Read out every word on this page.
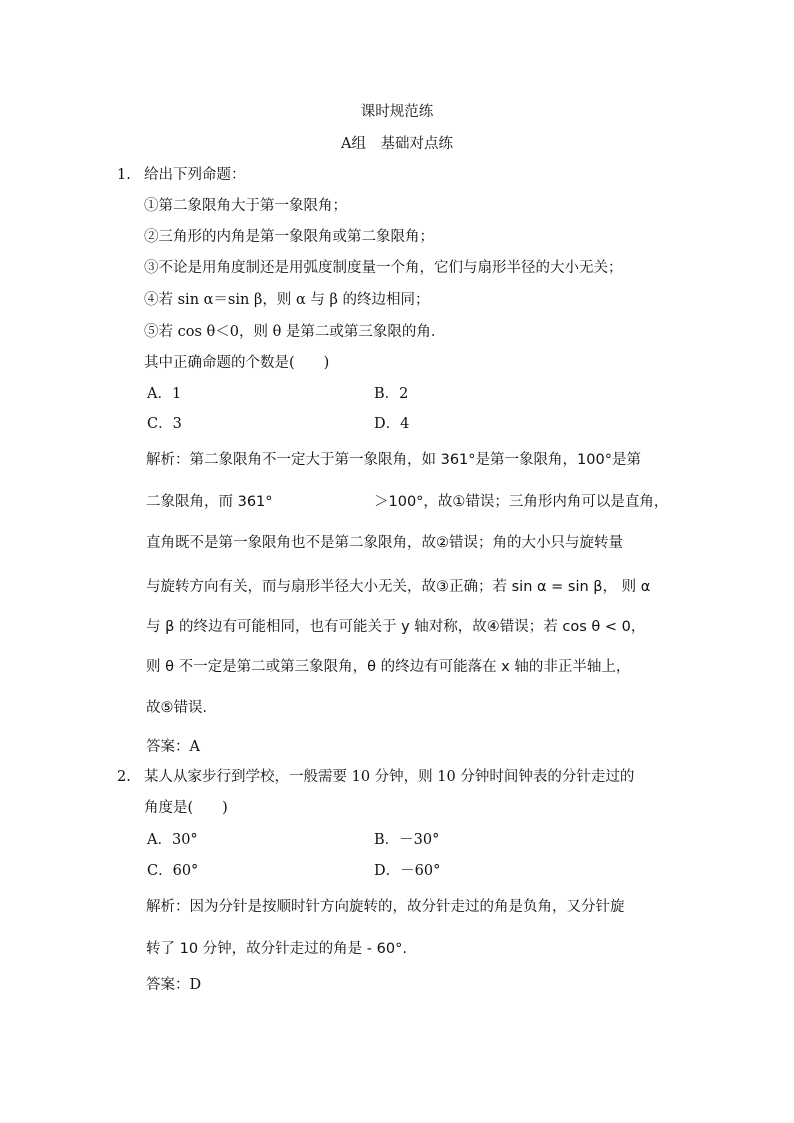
课时规范练
A组　基础对点练
1. 给出下列命题：
①第二象限角大于第一象限角；
②三角形的内角是第一象限角或第二象限角；
③不论是用角度制还是用弧度制度量一个角，它们与扇形半径的大小无关；
④若 sin α＝sin β，则 α 与 β 的终边相同；
⑤若 cos θ＜0，则 θ 是第二或第三象限的角．
其中正确命题的个数是(　　)
A．1	B．2
C．3	D．4
解析：第二象限角不一定大于第一象限角，如 361°是第一象限角，100°是第
二象限角，而 361°	＞100°，故①错误；三角形内角可以是直角，
直角既不是第一象限角也不是第二象限角，故②错误；角的大小只与旋转量
与旋转方向有关，而与扇形半径大小无关，故③正确；若 sin α = sin β， 则 α
与 β 的终边有可能相同，也有可能关于 y 轴对称，故④错误；若 cos θ < 0，
则 θ 不一定是第二或第三象限角，θ 的终边有可能落在 x 轴的非正半轴上，
故⑤错误．
答案：A
2. 某人从家步行到学校，一般需要 10 分钟，则 10 分钟时间钟表的分针走过的
角度是(　　)
A．30°	B．－30°
C．60°	D．－60°
解析：因为分针是按顺时针方向旋转的，故分针走过的角是负角，又分针旋
转了 10 分钟，故分针走过的角是 - 60°.
答案：D
